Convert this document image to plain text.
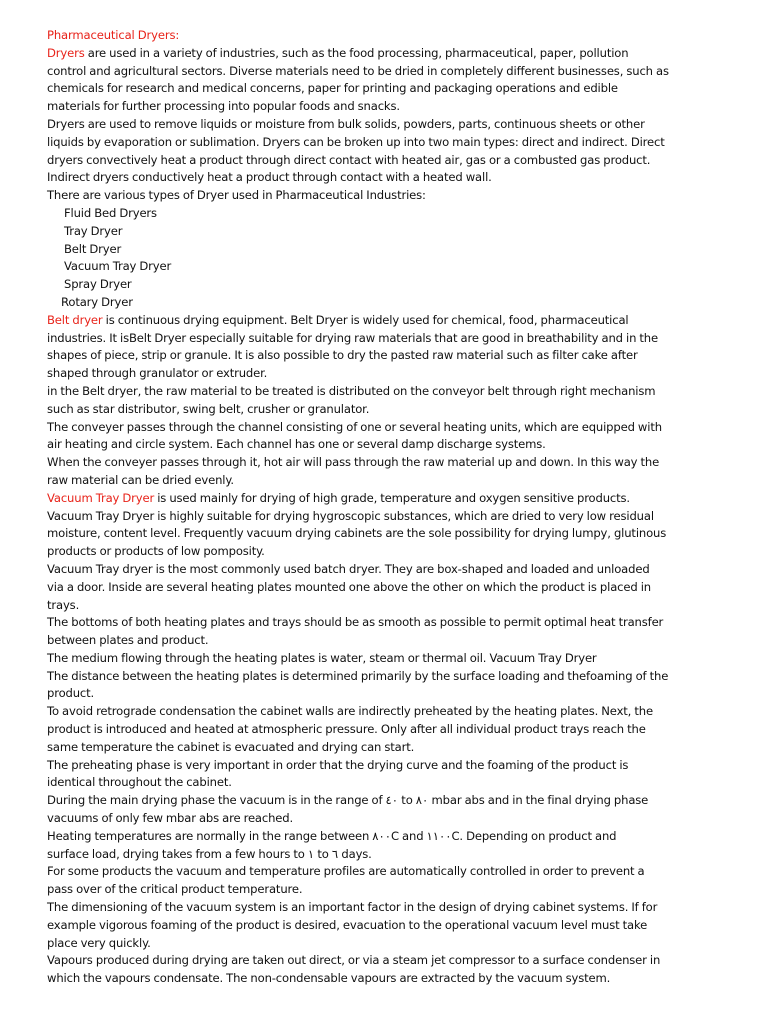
Pharmaceutical Dryers:
Dryers are used in a variety of industries, such as the food processing, pharmaceutical, paper, pollution
control and agricultural sectors. Diverse materials need to be dried in completely different businesses, such as
chemicals for research and medical concerns, paper for printing and packaging operations and edible
materials for further processing into popular foods and snacks.
Dryers are used to remove liquids or moisture from bulk solids, powders, parts, continuous sheets or other
liquids by evaporation or sublimation. Dryers can be broken up into two main types: direct and indirect. Direct
dryers convectively heat a product through direct contact with heated air, gas or a combusted gas product.
Indirect dryers conductively heat a product through contact with a heated wall.
There are various types of Dryer used in Pharmaceutical Industries:
Fluid Bed Dryers
Tray Dryer
Belt Dryer
Vacuum Tray Dryer
Spray Dryer
Rotary Dryer
Belt dryer is continuous drying equipment. Belt Dryer is widely used for chemical, food, pharmaceutical
industries. It isBelt Dryer especially suitable for drying raw materials that are good in breathability and in the
shapes of piece, strip or granule. It is also possible to dry the pasted raw material such as filter cake after
shaped through granulator or extruder.
in the Belt dryer, the raw material to be treated is distributed on the conveyor belt through right mechanism
such as star distributor, swing belt, crusher or granulator.
The conveyer passes through the channel consisting of one or several heating units, which are equipped with
air heating and circle system. Each channel has one or several damp discharge systems.
When the conveyer passes through it, hot air will pass through the raw material up and down. In this way the
raw material can be dried evenly.
Vacuum Tray Dryer is used mainly for drying of high grade, temperature and oxygen sensitive products.
Vacuum Tray Dryer is highly suitable for drying hygroscopic substances, which are dried to very low residual
moisture, content level. Frequently vacuum drying cabinets are the sole possibility for drying lumpy, glutinous
products or products of low pomposity.
Vacuum Tray dryer is the most commonly used batch dryer. They are box-shaped and loaded and unloaded
via a door. Inside are several heating plates mounted one above the other on which the product is placed in
trays.
The bottoms of both heating plates and trays should be as smooth as possible to permit optimal heat transfer
between plates and product.
The medium flowing through the heating plates is water, steam or thermal oil. Vacuum Tray Dryer
The distance between the heating plates is determined primarily by the surface loading and thefoaming of the
product.
To avoid retrograde condensation the cabinet walls are indirectly preheated by the heating plates. Next, the
product is introduced and heated at atmospheric pressure. Only after all individual product trays reach the
same temperature the cabinet is evacuated and drying can start.
The preheating phase is very important in order that the drying curve and the foaming of the product is
identical throughout the cabinet.
During the main drying phase the vacuum is in the range of ٤٠ to ٨٠ mbar abs and in the final drying phase
vacuums of only few mbar abs are reached.
Heating temperatures are normally in the range between ٨٠٠C and ١١٠٠C. Depending on product and
surface load, drying takes from a few hours to ١ to ٦ days.
For some products the vacuum and temperature profiles are automatically controlled in order to prevent a
pass over of the critical product temperature.
The dimensioning of the vacuum system is an important factor in the design of drying cabinet systems. If for
example vigorous foaming of the product is desired, evacuation to the operational vacuum level must take
place very quickly.
Vapours produced during drying are taken out direct, or via a steam jet compressor to a surface condenser in
which the vapours condensate. The non-condensable vapours are extracted by the vacuum system.
